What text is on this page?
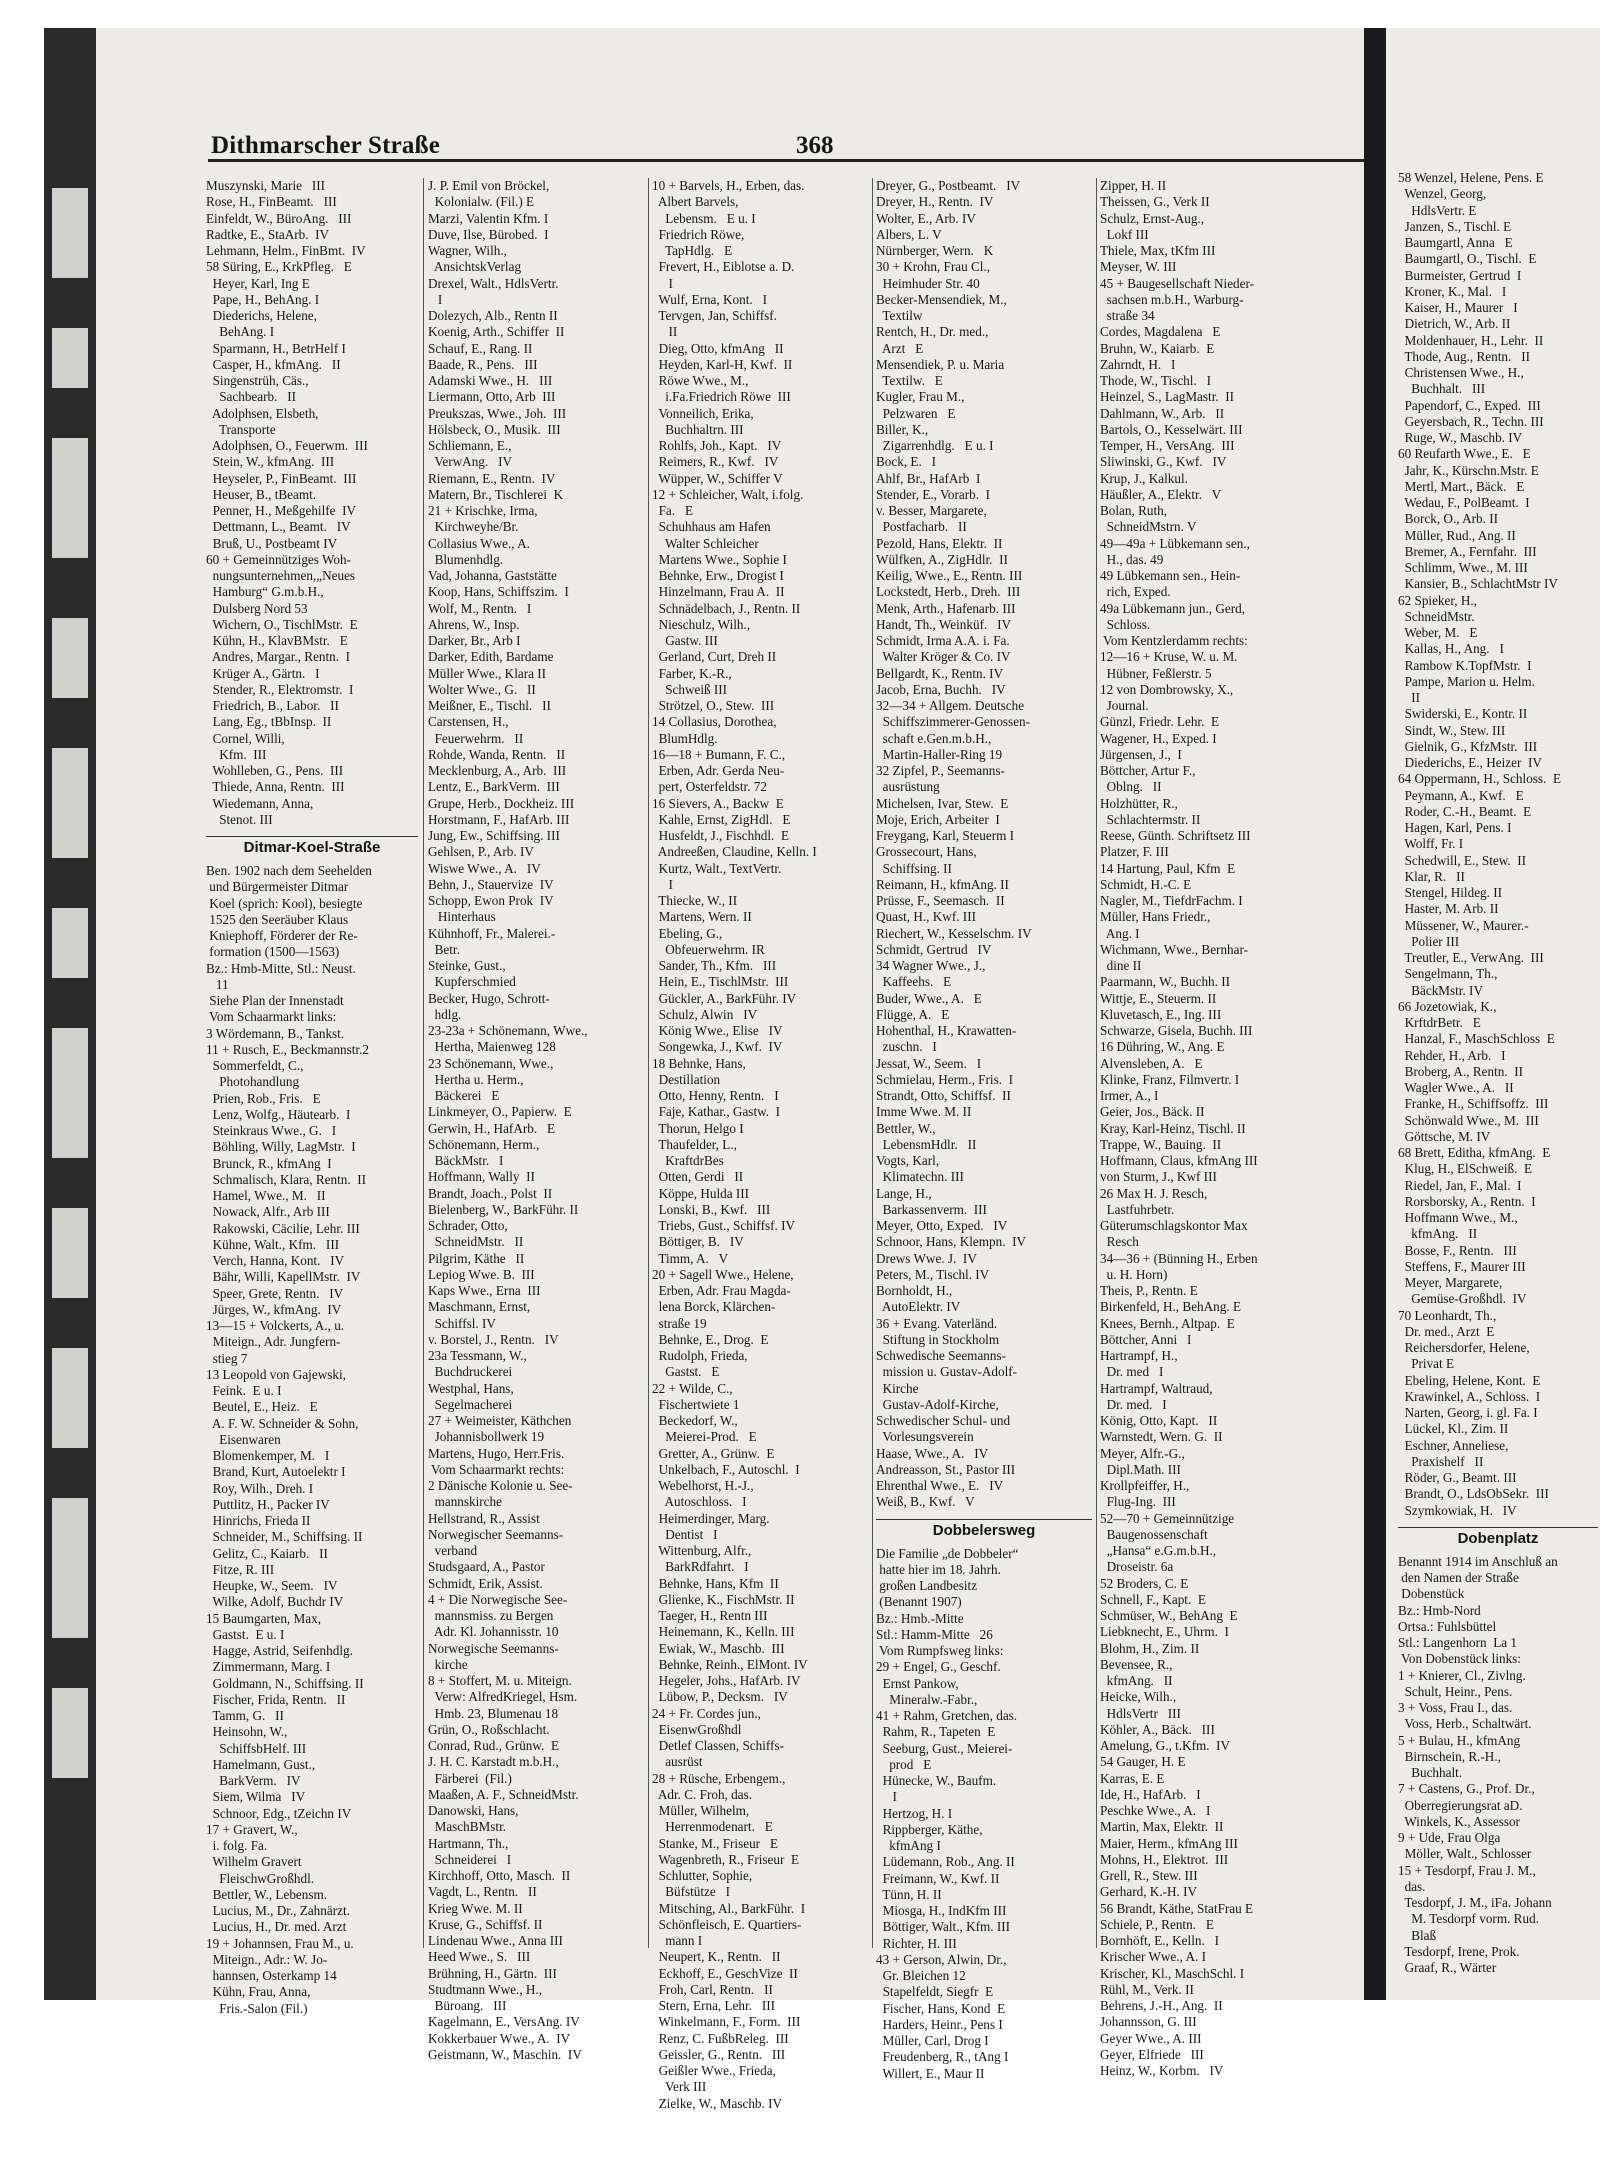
Dithmarscher Straße	368
Muszynski, Marie   III
Rose, H., FinBeamt.   III
Einfeldt, W., BüroAng.   III
Radtke, E., StaArb.  IV
Lehmann, Helm., FinBmt.  IV
58 Süring, E., KrkPfleg.   E
Heyer, Karl, Ing E
Pape, H., BehAng. I
Diederichs, Helene,
BehAng. I
Sparmann, H., BetrHelf I
Casper, H., kfmAng.   II
Singenstrüh, Cäs.,
Sachbearb.   II
Adolphsen, Elsbeth,
Transporte
Adolphsen, O., Feuerwm.  III
Stein, W., kfmAng.  III
Heyseler, P., FinBeamt.  III
Heuser, B., tBeamt.
Penner, H., Meßgehilfe  IV
Dettmann, L., Beamt.   IV
Bruß, U., Postbeamt IV
60 + Gemeinnütziges Woh-
nungsunternehmen,„Neues
Hamburg“ G.m.b.H.,
Dulsberg Nord 53
Wichern, O., TischlMstr.  E
Kühn, H., KlavBMstr.   E
Andres, Margar., Rentn.  I
Krüger A., Gärtn.   I
Stender, R., Elektromstr.  I
Friedrich, B., Labor.   II
Lang, Eg., tBbInsp.  II
Cornel, Willi,
Kfm.  III
Wohlleben, G., Pens.  III
Thiede, Anna, Rentn.  III
Wiedemann, Anna,
Stenot. III
Ditmar-Koel-Straße
Ben. 1902 nach dem Seehelden
und Bürgermeister Ditmar
Koel (sprich: Kool), besiegte
1525 den Seeräuber Klaus
Kniephoff, Förderer der Re-
formation (1500—1563)
Bz.: Hmb-Mitte, Stl.: Neust.
11
Siehe Plan der Innenstadt
Vom Schaarmarkt links:
3 Wördemann, B., Tankst.
11 + Rusch, E., Beckmannstr.2
Sommerfeldt, C.,
Photohandlung
Prien, Rob., Fris.   E
Lenz, Wolfg., Häutearb.  I
Steinkraus Wwe., G.   I
Böhling, Willy, LagMstr.  I
Brunck, R., kfmAng  I
Schmalisch, Klara, Rentn.  II
Hamel, Wwe., M.   II
Nowack, Alfr., Arb III
Rakowski, Cäcilie, Lehr. III
Kühne, Walt., Kfm.   III
Verch, Hanna, Kont.   IV
Bähr, Willi, KapellMstr.  IV
Speer, Grete, Rentn.   IV
Jürges, W., kfmAng.  IV
13—15 + Volckerts, A., u.
Miteign., Adr. Jungfern-
stieg 7
13 Leopold von Gajewski,
Feink.  E u. I
Beutel, E., Heiz.   E
A. F. W. Schneider & Sohn,
Eisenwaren
Blomenkemper, M.   I
Brand, Kurt, Autoelektr I
Roy, Wilh., Dreh. I
Puttlitz, H., Packer IV
Hinrichs, Frieda II
Schneider, M., Schiffsing. II
Gelitz, C., Kaiarb.   II
Fitze, R. III
Heupke, W., Seem.   IV
Wilke, Adolf, Buchdr IV
15 Baumgarten, Max,
Gastst.  E u. I
Hagge, Astrid, Seifenhdlg.
Zimmermann, Marg. I
Goldmann, N., Schiffsing. II
Fischer, Frida, Rentn.   II
Tamm, G.   II
Heinsohn, W.,
SchiffsbHelf. III
Hamelmann, Gust.,
BarkVerm.   IV
Siem, Wilma   IV
Schnoor, Edg., tZeichn IV
17 + Gravert, W.,
i. folg. Fa.
Wilhelm Gravert
FleischwGroßhdl.
Bettler, W., Lebensm.
Lucius, M., Dr., Zahnärzt.
Lucius, H., Dr. med. Arzt
19 + Johannsen, Frau M., u.
Miteign., Adr.: W. Jo-
hannsen, Osterkamp 14
Kühn, Frau, Anna,
Fris.-Salon (Fil.)
J. P. Emil von Bröckel,
Kolonialw. (Fil.) E
Marzi, Valentin Kfm. I
Duve, Ilse, Bürobed.  I
Wagner, Wilh.,
AnsichtskVerlag
Drexel, Walt., HdlsVertr.
I
Dolezych, Alb., Rentn II
Koenig, Arth., Schiffer  II
Schauf, E., Rang. II
Baade, R., Pens.   III
Adamski Wwe., H.   III
Liermann, Otto, Arb  III
Preukszas, Wwe., Joh.  III
Hölsbeck, O., Musik.  III
Schliemann, E.,
VerwAng.   IV
Riemann, E., Rentn.  IV
Matern, Br., Tischlerei  K
21 + Krischke, Irma,
Kirchweyhe/Br.
Collasius Wwe., A.
Blumenhdlg.
Vad, Johanna, Gaststätte
Koop, Hans, Schiffszim.  I
Wolf, M., Rentn.   I
Ahrens, W., Insp.
Darker, Br., Arb I
Darker, Edith, Bardame
Müller Wwe., Klara II
Wolter Wwe., G.   II
Meißner, E., Tischl.   II
Carstensen, H.,
Feuerwehrm.   II
Rohde, Wanda, Rentn.   II
Mecklenburg, A., Arb.  III
Lentz, E., BarkVerm.  III
Grupe, Herb., Dockheiz. III
Horstmann, F., HafArb. III
Jung, Ew., Schiffsing. III
Gehlsen, P., Arb. IV
Wiswe Wwe., A.   IV
Behn, J., Stauervize  IV
Schopp, Ewon Prok  IV
Hinterhaus
Kühnhoff, Fr., Malerei.-
Betr.
Steinke, Gust.,
Kupferschmied
Becker, Hugo, Schrott-
hdlg.
23-23a + Schönemann, Wwe.,
Hertha, Maienweg 128
23 Schönemann, Wwe.,
Hertha u. Herm.,
Bäckerei   E
Linkmeyer, O., Papierw.  E
Gerwin, H., HafArb.   E
Schönemann, Herm.,
BäckMstr.   I
Hoffmann, Wally  II
Brandt, Joach., Polst  II
Bielenberg, W., BarkFühr. II
Schrader, Otto,
SchneidMstr.   II
Pilgrim, Käthe   II
Lepiog Wwe. B.  III
Kaps Wwe., Erna  III
Maschmann, Ernst,
Schiffsl. IV
v. Borstel, J., Rentn.   IV
23a Tessmann, W.,
Buchdruckerei
Westphal, Hans,
Segelmacherei
27 + Weimeister, Käthchen
Johannisbollwerk 19
Martens, Hugo, Herr.Fris.
Vom Schaarmarkt rechts:
2 Dänische Kolonie u. See-
mannskirche
Hellstrand, R., Assist
Norwegischer Seemanns-
verband
Studsgaard, A., Pastor
Schmidt, Erik, Assist.
4 + Die Norwegische See-
mannsmiss. zu Bergen
Adr. Kl. Johannisstr. 10
Norwegische Seemanns-
kirche
8 + Stoffert, M. u. Miteign.
Verw: AlfredKriegel, Hsm.
Hmb. 23, Blumenau 18
Grün, O., Roßschlacht.
Conrad, Rud., Grünw.  E
J. H. C. Karstadt m.b.H.,
Färberei  (Fil.)
Maaßen, A. F., SchneidMstr.
Danowski, Hans,
MaschBMstr.
Hartmann, Th.,
Schneiderei   I
Kirchhoff, Otto, Masch.  II
Vagdt, L., Rentn.   II
Krieg Wwe. M. II
Kruse, G., Schiffsf. II
Lindenau Wwe., Anna III
Heed Wwe., S.   III
Brühning, H., Gärtn.  III
Studtmann Wwe., H.,
Büroang.   III
Kagelmann, E., VersAng. IV
Kokkerbauer Wwe., A.  IV
Geistmann, W., Maschin.  IV
10 + Barvels, H., Erben, das.
Albert Barvels,
Lebensm.   E u. I
Friedrich Röwe,
TapHdlg.   E
Frevert, H., Eiblotse a. D.
I
Wulf, Erna, Kont.   I
Tervgen, Jan, Schiffsf.
II
Dieg, Otto, kfmAng   II
Heyden, Karl-H, Kwf.  II
Röwe Wwe., M.,
i.Fa.Friedrich Röwe  III
Vonneilich, Erika,
Buchhaltrn. III
Rohlfs, Joh., Kapt.   IV
Reimers, R., Kwf.   IV
Wüpper, W., Schiffer V
12 + Schleicher, Walt, i.folg.
Fa.   E
Schuhhaus am Hafen
Walter Schleicher
Martens Wwe., Sophie I
Behnke, Erw., Drogist I
Hinzelmann, Frau A.  II
Schnädelbach, J., Rentn. II
Nieschulz, Wilh.,
Gastw. III
Gerland, Curt, Dreh II
Farber, K.-R.,
Schweiß III
Strötzel, O., Stew.  III
14 Collasius, Dorothea,
BlumHdlg.
16—18 + Bumann, F. C.,
Erben, Adr. Gerda Neu-
pert, Osterfeldstr. 72
16 Sievers, A., Backw  E
Kahle, Ernst, ZigHdl.   E
Husfeldt, J., Fischhdl.  E
Andreeßen, Claudine, Kelln. I
Kurtz, Walt., TextVertr.
I
Thiecke, W., II
Martens, Wern. II
Ebeling, G.,
Obfeuerwehrm. IR
Sander, Th., Kfm.   III
Hein, E., TischlMstr.  III
Gückler, A., BarkFühr. IV
Schulz, Alwin   IV
König Wwe., Elise   IV
Songewka, J., Kwf.  IV
18 Behnke, Hans,
Destillation
Otto, Henny, Rentn.   I
Faje, Kathar., Gastw.  I
Thorun, Helgo I
Thaufelder, L.,
KraftdrBes
Otten, Gerdi   II
Köppe, Hulda III
Lonski, B., Kwf.   III
Triebs, Gust., Schiffsf. IV
Böttiger, B.   IV
Timm, A.   V
20 + Sagell Wwe., Helene,
Erben, Adr. Frau Magda-
lena Borck, Klärchen-
straße 19
Behnke, E., Drog.  E
Rudolph, Frieda,
Gastst.   E
22 + Wilde, C.,
Fischertwiete 1
Beckedorf, W.,
Meierei-Prod.   E
Gretter, A., Grünw.  E
Unkelbach, F., Autoschl.  I
Webelhorst, H.-J.,
Autoschloss.   I
Heimerdinger, Marg.
Dentist   I
Wittenburg, Alfr.,
BarkRdfahrt.   I
Behnke, Hans, Kfm  II
Glienke, K., FischMstr. II
Taeger, H., Rentn III
Heinemann, K., Kelln. III
Ewiak, W., Maschb.  III
Behnke, Reinh., ElMont. IV
Hegeler, Johs., HafArb. IV
Lübow, P., Decksm.   IV
24 + Fr. Cordes jun.,
EisenwGroßhdl
Detlef Classen, Schiffs-
ausrüst
28 + Rüsche, Erbengem.,
Adr. C. Froh, das.
Müller, Wilhelm,
Herrenmodenart.   E
Stanke, M., Friseur   E
Wagenbreth, R., Friseur  E
Schlutter, Sophie,
Büfstütze   I
Mitsching, Al., BarkFühr.  I
Schönfleisch, E. Quartiers-
mann I
Neupert, K., Rentn.   II
Eckhoff, E., GeschVize  II
Froh, Carl, Rentn.   II
Stern, Erna, Lehr.   III
Winkelmann, F., Form.  III
Renz, C. FußbReleg.  III
Geissler, G., Rentn.   III
Geißler Wwe., Frieda,
Verk III
Zielke, W., Maschb. IV
Dreyer, G., Postbeamt.   IV
Dreyer, H., Rentn.  IV
Wolter, E., Arb. IV
Albers, L. V
Nürnberger, Wern.   K
30 + Krohn, Frau Cl.,
Heimhuder Str. 40
Becker-Mensendiek, M.,
Textilw
Rentch, H., Dr. med.,
Arzt   E
Mensendiek, P. u. Maria
Textilw.   E
Kugler, Frau M.,
Pelzwaren   E
Biller, K.,
Zigarrenhdlg.   E u. I
Bock, E.   I
Ahlf, Br., HafArb  I
Stender, E., Vorarb.  I
v. Besser, Margarete,
Postfacharb.   II
Pezold, Hans, Elektr.  II
Wülfken, A., ZigHdlr.  II
Keilig, Wwe., E., Rentn. III
Lockstedt, Herb., Dreh.  III
Menk, Arth., Hafenarb. III
Handt, Th., Weinküf.   IV
Schmidt, Irma A.A. i. Fa.
Walter Kröger & Co. IV
Bellgardt, K., Rentn. IV
Jacob, Erna, Buchh.   IV
32—34 + Allgem. Deutsche
Schiffszimmerer-Genossen-
schaft e.Gen.m.b.H.,
Martin-Haller-Ring 19
32 Zipfel, P., Seemanns-
ausrüstung
Michelsen, Ivar, Stew.  E
Moje, Erich, Arbeiter  I
Freygang, Karl, Steuerm I
Grossecourt, Hans,
Schiffsing. II
Reimann, H., kfmAng. II
Prüsse, F., Seemasch.  II
Quast, H., Kwf. III
Riechert, W., Kesselschm. IV
Schmidt, Gertrud   IV
34 Wagner Wwe., J.,
Kaffeehs.   E
Buder, Wwe., A.   E
Flügge, A.   E
Hohenthal, H., Krawatten-
zuschn.   I
Jessat, W., Seem.   I
Schmielau, Herm., Fris.  I
Strandt, Otto, Schiffsf.  II
Imme Wwe. M. II
Bettler, W.,
LebensmHdlr.   II
Vogts, Karl,
Klimatechn. III
Lange, H.,
Barkassenverm.  III
Meyer, Otto, Exped.   IV
Schnoor, Hans, Klempn.  IV
Drews Wwe. J.  IV
Peters, M., Tischl. IV
Bornholdt, H.,
AutoElektr. IV
36 + Evang. Vaterländ.
Stiftung in Stockholm
Schwedische Seemanns-
mission u. Gustav-Adolf-
Kirche
Gustav-Adolf-Kirche,
Schwedischer Schul- und
Vorlesungsverein
Haase, Wwe., A.   IV
Andreasson, St., Pastor III
Ehrenthal Wwe., E.   IV
Weiß, B., Kwf.   V
Dobbelersweg
Die Familie „de Dobbeler“
hatte hier im 18. Jahrh.
großen Landbesitz
(Benannt 1907)
Bz.: Hmb.-Mitte
Stl.: Hamm-Mitte   26
Vom Rumpfsweg links:
29 + Engel, G., Geschf.
Ernst Pankow,
Mineralw.-Fabr.,
41 + Rahm, Gretchen, das.
Rahm, R., Tapeten  E
Seeburg, Gust., Meierei-
prod   E
Hünecke, W., Baufm.
I
Hertzog, H. I
Rippberger, Käthe,
kfmAng I
Lüdemann, Rob., Ang. II
Freimann, W., Kwf. II
Tünn, H. II
Miosga, H., IndKfm III
Böttiger, Walt., Kfm. III
Richter, H. III
43 + Gerson, Alwin, Dr.,
Gr. Bleichen 12
Stapelfeldt, Siegfr  E
Fischer, Hans, Kond  E
Harders, Heinr., Pens I
Müller, Carl, Drog I
Freudenberg, R., tAng I
Willert, E., Maur II
Zipper, H. II
Theissen, G., Verk II
Schulz, Ernst-Aug.,
Lokf III
Thiele, Max, tKfm III
Meyser, W. III
45 + Baugesellschaft Nieder-
sachsen m.b.H., Warburg-
straße 34
Cordes, Magdalena   E
Bruhn, W., Kaiarb.  E
Zahrndt, H.   I
Thode, W., Tischl.   I
Heinzel, S., LagMastr.  II
Dahlmann, W., Arb.   II
Bartols, O., Kesselwärt. III
Temper, H., VersAng.  III
Sliwinski, G., Kwf.   IV
Krup, J., Kalkul.
Häußler, A., Elektr.   V
Bolan, Ruth,
SchneidMstrn. V
49—49a + Lübkemann sen.,
H., das. 49
49 Lübkemann sen., Hein-
rich, Exped.
49a Lübkemann jun., Gerd,
Schloss.
Vom Kentzlerdamm rechts:
12—16 + Kruse, W. u. M.
Hübner, Feßlerstr. 5
12 von Dombrowsky, X.,
Journal.
Günzl, Friedr. Lehr.  E
Wagener, H., Exped. I
Jürgensen, J.,  I
Böttcher, Artur F.,
Oblng.   II
Holzhütter, R.,
Schlachtermstr. II
Reese, Günth. Schriftsetz III
Platzer, F. III
14 Hartung, Paul, Kfm  E
Schmidt, H.-C. E
Nagler, M., TiefdrFachm. I
Müller, Hans Friedr.,
Ang. I
Wichmann, Wwe., Bernhar-
dine II
Paarmann, W., Buchh. II
Wittje, E., Steuerm. II
Kluvetasch, E., Ing. III
Schwarze, Gisela, Buchh. III
16 Dühring, W., Ang. E
Alvensleben, A.   E
Klinke, Franz, Filmvertr. I
Irmer, A., I
Geier, Jos., Bäck. II
Kray, Karl-Heinz, Tischl. II
Trappe, W., Bauing.  II
Hoffmann, Claus, kfmAng III
von Sturm, J., Kwf III
26 Max H. J. Resch,
Lastfuhrbetr.
Güterumschlagskontor Max
Resch
34—36 + (Bünning H., Erben
u. H. Horn)
Theis, P., Rentn. E
Birkenfeld, H., BehAng. E
Knees, Bernh., Altpap.  E
Böttcher, Anni   I
Hartrampf, H.,
Dr. med   I
Hartrampf, Waltraud,
Dr. med.   I
König, Otto, Kapt.   II
Warnstedt, Wern. G.  II
Meyer, Alfr.-G.,
Dipl.Math. III
Krollpfeiffer, H.,
Flug-Ing.  III
52—70 + Gemeinnützige
Baugenossenschaft
„Hansa“ e.G.m.b.H.,
Droseistr. 6a
52 Broders, C. E
Schnell, F., Kapt.  E
Schmüser, W., BehAng  E
Liebknecht, E., Uhrm.  I
Blohm, H., Zim. II
Bevensee, R.,
kfmAng.   II
Heicke, Wilh.,
HdlsVertr   III
Köhler, A., Bäck.   III
Amelung, G., t.Kfm.  IV
54 Gauger, H. E
Karras, E. E
Ide, H., HafArb.   I
Peschke Wwe., A.   I
Martin, Max, Elektr.  II
Maier, Herm., kfmAng III
Mohns, H., Elektrot.  III
Grell, R., Stew. III
Gerhard, K.-H. IV
56 Brandt, Käthe, StatFrau E
Schiele, P., Rentn.   E
Bornhöft, E., Kelln.   I
Krischer Wwe., A. I
Krischer, Kl., MaschSchl. I
Rühl, M., Verk. II
Behrens, J.-H., Ang.  II
Johannsson, G. III
Geyer Wwe., A. III
Geyer, Elfriede   III
Heinz, W., Korbm.   IV
58 Wenzel, Helene, Pens. E
Wenzel, Georg,
HdlsVertr. E
Janzen, S., Tischl. E
Baumgartl, Anna   E
Baumgartl, O., Tischl.  E
Burmeister, Gertrud  I
Kroner, K., Mal.   I
Kaiser, H., Maurer   I
Dietrich, W., Arb. II
Moldenhauer, H., Lehr.  II
Thode, Aug., Rentn.   II
Christensen Wwe., H.,
Buchhalt.   III
Papendorf, C., Exped.  III
Geyersbach, R., Techn. III
Ruge, W., Maschb. IV
60 Reufarth Wwe., E.   E
Jahr, K., Kürschn.Mstr. E
Mertl, Mart., Bäck.   E
Wedau, F., PolBeamt.  I
Borck, O., Arb. II
Müller, Rud., Ang. II
Bremer, A., Fernfahr.  III
Schlimm, Wwe., M. III
Kansier, B., SchlachtMstr IV
62 Spieker, H.,
SchneidMstr.
Weber, M.   E
Kallas, H., Ang.   I
Rambow K.TopfMstr.  I
Pampe, Marion u. Helm.
II
Swiderski, E., Kontr. II
Sindt, W., Stew. III
Gielnik, G., KfzMstr.  III
Diederichs, E., Heizer  IV
64 Oppermann, H., Schloss.  E
Peymann, A., Kwf.   E
Roder, C.-H., Beamt.  E
Hagen, Karl, Pens. I
Wolff, Fr. I
Schedwill, E., Stew.  II
Klar, R.   II
Stengel, Hildeg. II
Haster, M. Arb. II
Müssener, W., Maurer.-
Polier III
Treutler, E., VerwAng.  III
Sengelmann, Th.,
BäckMstr. IV
66 Jozetowiak, K.,
KrftdrBetr.   E
Hanzal, F., MaschSchloss  E
Rehder, H., Arb.   I
Broberg, A., Rentn.  II
Wagler Wwe., A.   II
Franke, H., Schiffsoffz.  III
Schönwald Wwe., M.  III
Göttsche, M. IV
68 Brett, Editha, kfmAng.  E
Klug, H., ElSchweiß.  E
Riedel, Jan, F., Mal.  I
Rorsborsky, A., Rentn.  I
Hoffmann Wwe., M.,
kfmAng.   II
Bosse, F., Rentn.   III
Steffens, F., Maurer III
Meyer, Margarete,
Gemüse-Großhdl.  IV
70 Leonhardt, Th.,
Dr. med., Arzt  E
Reichersdorfer, Helene,
Privat E
Ebeling, Helene, Kont.  E
Krawinkel, A., Schloss.  I
Narten, Georg, i. gl. Fa. I
Lückel, Kl., Zim. II
Eschner, Anneliese,
Praxishelf   II
Röder, G., Beamt. III
Brandt, O., LdsObSekr.  III
Szymkowiak, H.   IV
Dobenplatz
Benannt 1914 im Anschluß an
den Namen der Straße
Dobenstück
Bz.: Hmb-Nord
Ortsa.: Fuhlsbüttel
Stl.: Langenhorn  La 1
Von Dobenstück links:
1 + Knierer, Cl., Zivlng.
Schult, Heinr., Pens.
3 + Voss, Frau I., das.
Voss, Herb., Schaltwärt.
5 + Bulau, H., kfmAng
Birnschein, R.-H.,
Buchhalt.
7 + Castens, G., Prof. Dr.,
Oberregierungsrat aD.
Winkels, K., Assessor
9 + Ude, Frau Olga
Möller, Walt., Schlosser
15 + Tesdorpf, Frau J. M.,
das.
Tesdorpf, J. M., iFa. Johann
M. Tesdorpf vorm. Rud.
Blaß
Tesdorpf, Irene, Prok.
Graaf, R., Wärter
